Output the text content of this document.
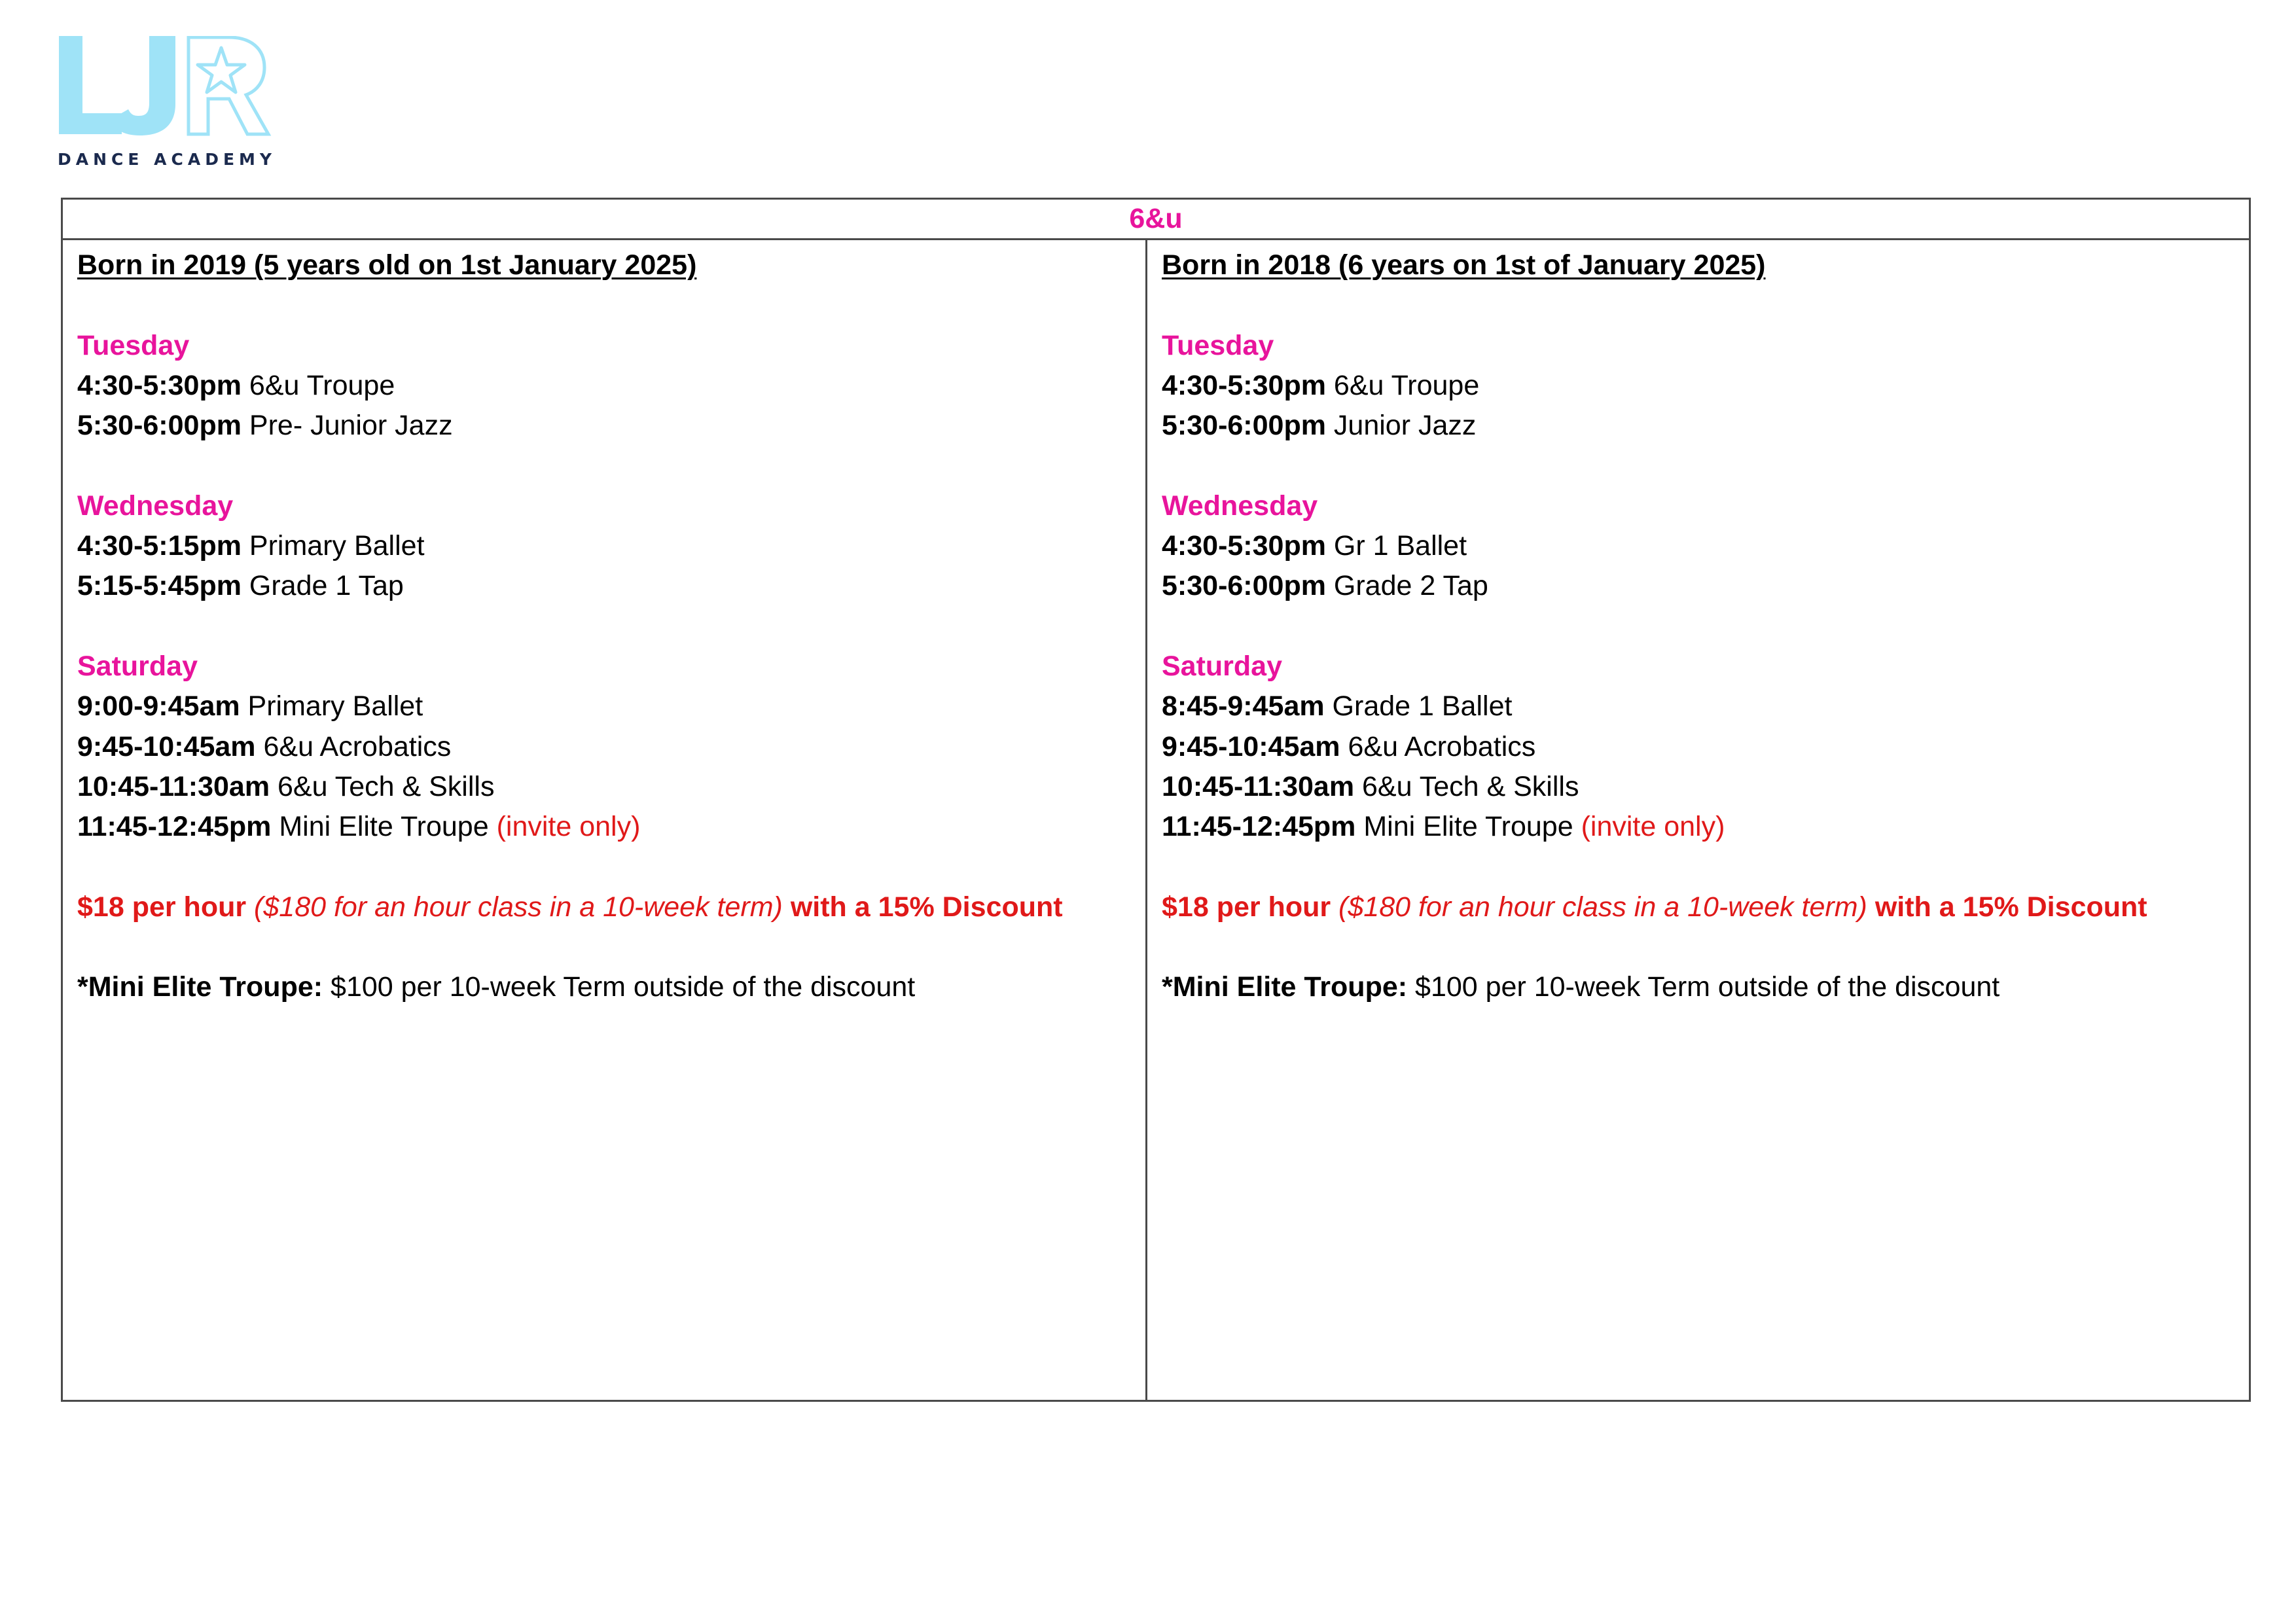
DANCE ACADEMY
6&u
Born in 2019 (5 years old on 1st January 2025)
Tuesday
4:30-5:30pm 6&u Troupe
5:30-6:00pm Pre- Junior Jazz
Wednesday
4:30-5:15pm Primary Ballet
5:15-5:45pm Grade 1 Tap
Saturday
9:00-9:45am Primary Ballet
9:45-10:45am 6&u Acrobatics
10:45-11:30am 6&u Tech & Skills
11:45-12:45pm Mini Elite Troupe (invite only)
$18 per hour ($180 for an hour class in a 10-week term) with a 15% Discount
*Mini Elite Troupe: $100 per 10-week Term outside of the discount
Born in 2018 (6 years on 1st of January 2025)
Tuesday
4:30-5:30pm 6&u Troupe
5:30-6:00pm Junior Jazz
Wednesday
4:30-5:30pm Gr 1 Ballet
5:30-6:00pm Grade 2 Tap
Saturday
8:45-9:45am Grade 1 Ballet
9:45-10:45am 6&u Acrobatics
10:45-11:30am 6&u Tech & Skills
11:45-12:45pm Mini Elite Troupe (invite only)
$18 per hour ($180 for an hour class in a 10-week term) with a 15% Discount
*Mini Elite Troupe: $100 per 10-week Term outside of the discount
